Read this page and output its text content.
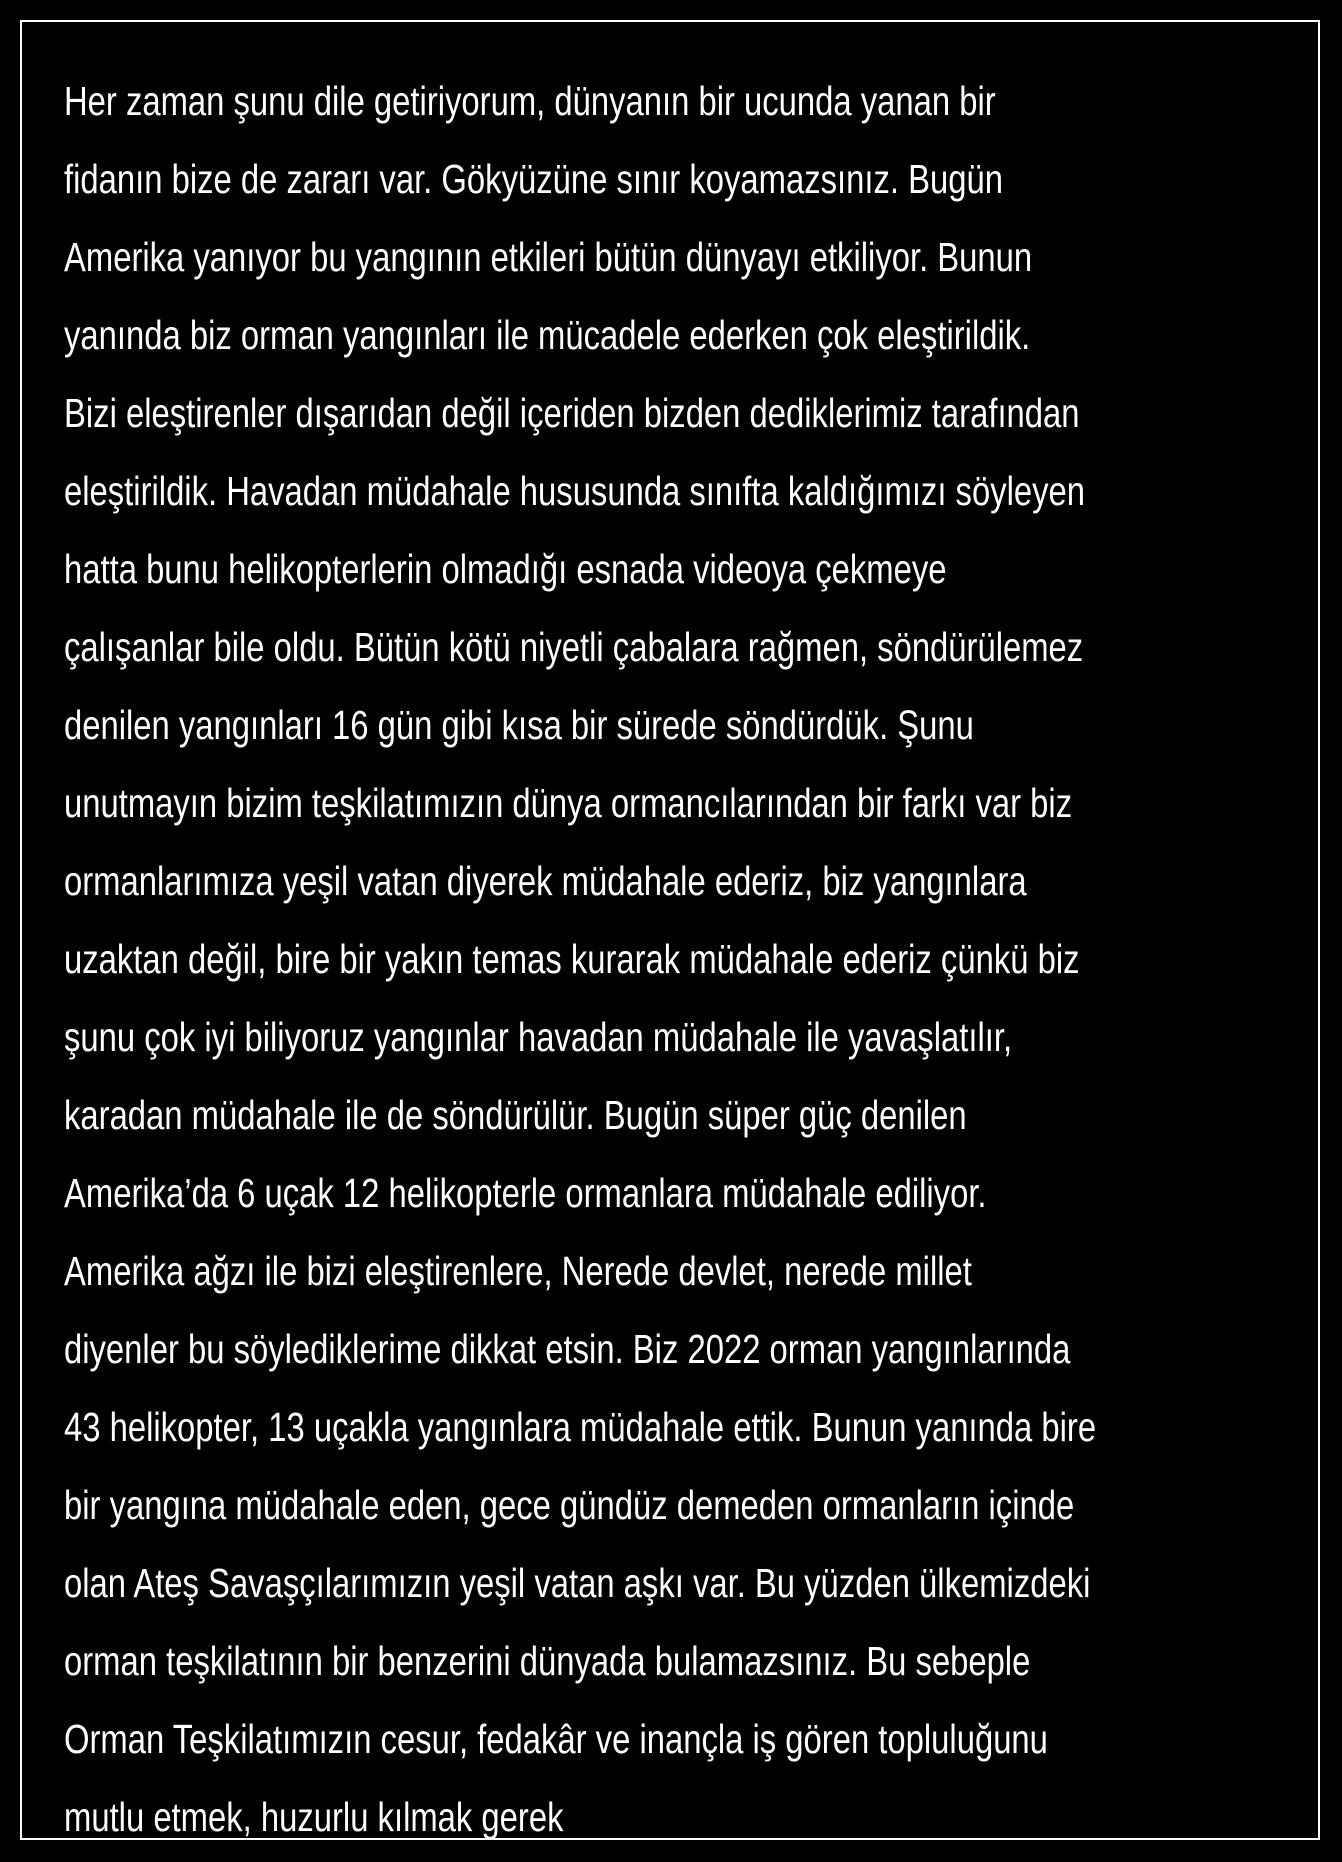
Her zaman şunu dile getiriyorum, dünyanın bir ucunda yanan bir
fidanın bize de zararı var. Gökyüzüne sınır koyamazsınız. Bugün
Amerika yanıyor bu yangının etkileri bütün dünyayı etkiliyor. Bunun
yanında biz orman yangınları ile mücadele ederken çok eleştirildik.
Bizi eleştirenler dışarıdan değil içeriden bizden dediklerimiz tarafından
eleştirildik. Havadan müdahale hususunda sınıfta kaldığımızı söyleyen
hatta bunu helikopterlerin olmadığı esnada videoya çekmeye
çalışanlar bile oldu. Bütün kötü niyetli çabalara rağmen, söndürülemez
denilen yangınları 16 gün gibi kısa bir sürede söndürdük. Şunu
unutmayın bizim teşkilatımızın dünya ormancılarından bir farkı var biz
ormanlarımıza yeşil vatan diyerek müdahale ederiz, biz yangınlara
uzaktan değil, bire bir yakın temas kurarak müdahale ederiz çünkü biz
şunu çok iyi biliyoruz yangınlar havadan müdahale ile yavaşlatılır,
karadan müdahale ile de söndürülür. Bugün süper güç denilen
Amerika’da 6 uçak 12 helikopterle ormanlara müdahale ediliyor.
Amerika ağzı ile bizi eleştirenlere, Nerede devlet, nerede millet
diyenler bu söylediklerime dikkat etsin. Biz 2022 orman yangınlarında
43 helikopter, 13 uçakla yangınlara müdahale ettik. Bunun yanında bire
bir yangına müdahale eden, gece gündüz demeden ormanların içinde
olan Ateş Savaşçılarımızın yeşil vatan aşkı var. Bu yüzden ülkemizdeki
orman teşkilatının bir benzerini dünyada bulamazsınız. Bu sebeple
Orman Teşkilatımızın cesur, fedakâr ve inançla iş gören topluluğunu
mutlu etmek, huzurlu kılmak gerek
